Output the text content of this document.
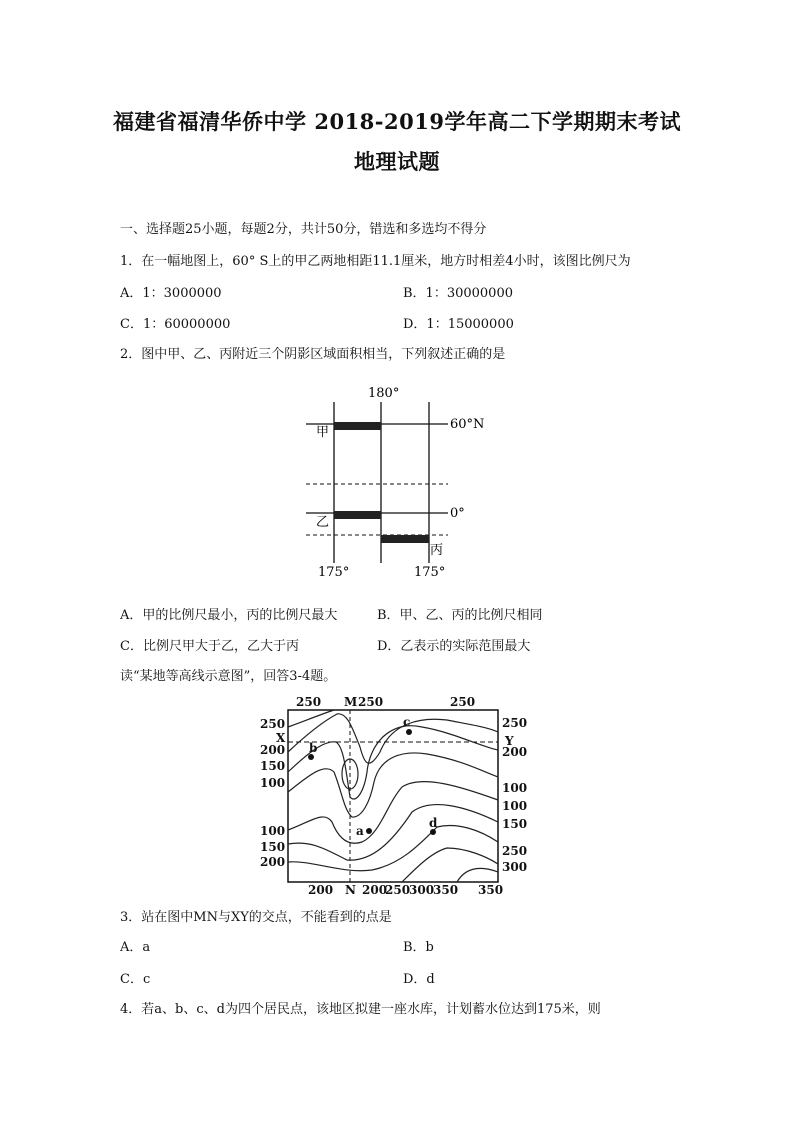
福建省福清华侨中学 2018-2019学年高二下学期期末考试
地理试题
一、选择题25小题，每题2分，共计50分，错选和多选均不得分
1．在一幅地图上，60° S上的甲乙两地相距11.1厘米，地方时相差4小时，该图比例尺为
A．1：3000000	B．1：30000000
C．1：60000000	D．1：15000000
2．图中甲、乙、丙附近三个阴影区域面积相当，下列叙述正确的是
180°
60°N
0°
甲
乙
丙
175°	175°
A．甲的比例尺最小，丙的比例尺最大	B．甲、乙、丙的比例尺相同
C．比例尺甲大于乙，乙大于丙	D．乙表示的实际范围最大
读“某地等高线示意图”，回答3-4题。
a
b
c
d
250 M 250	250
250
X
200
150
100
100
150
200
250
Y
200
100
100
150
250
300
200 N 200
250
300
350 350
3．站在图中MN与XY的交点，不能看到的点是
A．a	B．b
C．c	D．d
4．若a、b、c、d为四个居民点，该地区拟建一座水库，计划蓄水位达到175米，则
